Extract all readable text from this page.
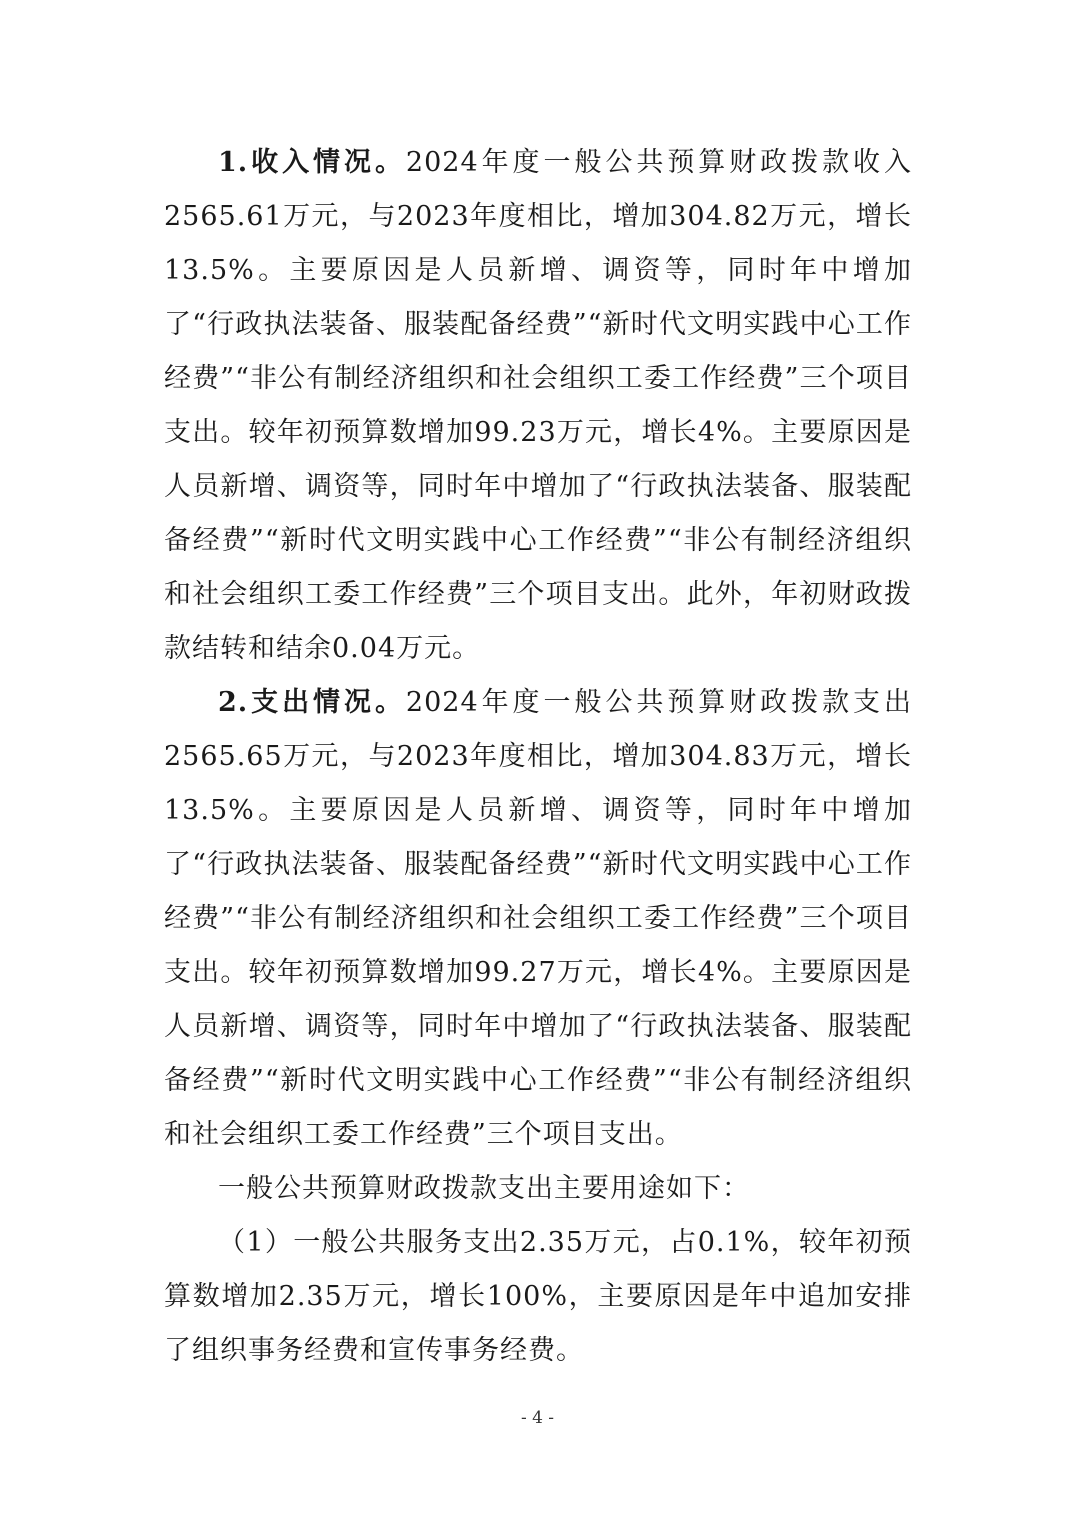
1.收入情况。2024年度一般公共预算财政拨款收入2565.61万元，与2023年度相比，增加304.82万元，增长13.5%。主要原因是人员新增、调资等，同时年中增加了“行政执法装备、服装配备经费”“新时代文明实践中心工作经费”“非公有制经济组织和社会组织工委工作经费”三个项目支出。较年初预算数增加99.23万元，增长4%。主要原因是人员新增、调资等，同时年中增加了“行政执法装备、服装配备经费”“新时代文明实践中心工作经费”“非公有制经济组织和社会组织工委工作经费”三个项目支出。此外，年初财政拨款结转和结余0.04万元。

2.支出情况。2024年度一般公共预算财政拨款支出2565.65万元，与2023年度相比，增加304.83万元，增长13.5%。主要原因是人员新增、调资等，同时年中增加了“行政执法装备、服装配备经费”“新时代文明实践中心工作经费”“非公有制经济组织和社会组织工委工作经费”三个项目支出。较年初预算数增加99.27万元，增长4%。主要原因是人员新增、调资等，同时年中增加了“行政执法装备、服装配备经费”“新时代文明实践中心工作经费”“非公有制经济组织和社会组织工委工作经费”三个项目支出。

一般公共预算财政拨款支出主要用途如下：

（1）一般公共服务支出2.35万元，占0.1%，较年初预算数增加2.35万元，增长100%，主要原因是年中追加安排了组织事务经费和宣传事务经费。

- 4 -
